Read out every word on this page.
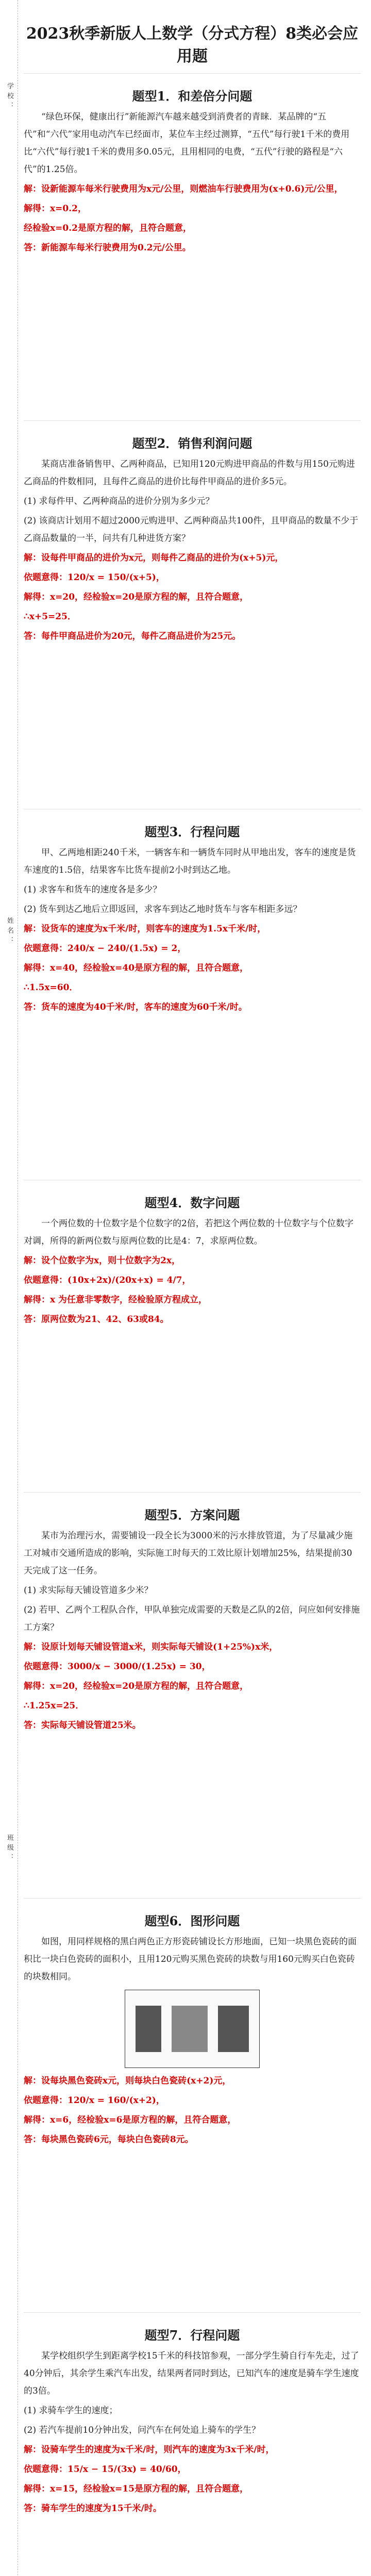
学校：
姓名：
班级：
2023秋季新版人上数学（分式方程）8类必会应用题
题型1．和差倍分问题

“绿色环保，健康出行”新能源汽车越来越受到消费者的青睐．某品牌的“五代”和“六代”家用电动汽车已经面市，某位车主经过测算，“五代”每行驶1千米的费用比“六代”每行驶1千米的费用多0.05元，且用相同的电费，“五代”行驶的路程是“六代”的1.25倍。

解：设新能源车每米行驶费用为x元/公里，则燃油车行驶费用为(x+0.6)元/公里，
解得：x=0.2，
经检验x=0.2是原方程的解，且符合题意，
答：新能源车每米行驶费用为0.2元/公里。
题型2．销售利润问题

某商店准备销售甲、乙两种商品，已知用120元购进甲商品的件数与用150元购进乙商品的件数相同，且每件乙商品的进价比每件甲商品的进价多5元。

(1) 求每件甲、乙两种商品的进价分别为多少元？

(2) 该商店计划用不超过2000元购进甲、乙两种商品共100件，且甲商品的数量不少于乙商品数量的一半，问共有几种进货方案？

解：设每件甲商品的进价为x元，则每件乙商品的进价为(x+5)元，
依题意得：120/x = 150/(x+5)，
解得：x=20，经检验x=20是原方程的解，且符合题意，
∴x+5=25．
答：每件甲商品进价为20元，每件乙商品进价为25元。
题型3．行程问题

甲、乙两地相距240千米，一辆客车和一辆货车同时从甲地出发，客车的速度是货车速度的1.5倍，结果客车比货车提前2小时到达乙地。

(1) 求客车和货车的速度各是多少？

(2) 货车到达乙地后立即返回，求客车到达乙地时货车与客车相距多远？

解：设货车的速度为x千米/时，则客车的速度为1.5x千米/时，
依题意得：240/x − 240/(1.5x) = 2，
解得：x=40，经检验x=40是原方程的解，且符合题意，
∴1.5x=60．
答：货车的速度为40千米/时，客车的速度为60千米/时。
题型4．数字问题

一个两位数的十位数字是个位数字的2倍，若把这个两位数的十位数字与个位数字对调，所得的新两位数与原两位数的比是4：7，求原两位数。

解：设个位数字为x，则十位数字为2x，
依题意得：(10x+2x)/(20x+x) = 4/7，
解得：x 为任意非零数字，经检验原方程成立，
答：原两位数为21、42、63或84。
题型5．方案问题

某市为治理污水，需要铺设一段全长为3000米的污水排放管道，为了尽量减少施工对城市交通所造成的影响，实际施工时每天的工效比原计划增加25%，结果提前30天完成了这一任务。

(1) 求实际每天铺设管道多少米？

(2) 若甲、乙两个工程队合作，甲队单独完成需要的天数是乙队的2倍，问应如何安排施工方案？

解：设原计划每天铺设管道x米，则实际每天铺设(1+25%)x米，
依题意得：3000/x − 3000/(1.25x) = 30，
解得：x=20，经检验x=20是原方程的解，且符合题意，
∴1.25x=25．
答：实际每天铺设管道25米。
题型6．图形问题

如图，用同样规格的黑白两色正方形瓷砖铺设长方形地面，已知一块黑色瓷砖的面积比一块白色瓷砖的面积小，且用120元购买黑色瓷砖的块数与用160元购买白色瓷砖的块数相同。

解：设每块黑色瓷砖x元，则每块白色瓷砖(x+2)元，
依题意得：120/x = 160/(x+2)，
解得：x=6，经检验x=6是原方程的解，且符合题意，
答：每块黑色瓷砖6元，每块白色瓷砖8元。
题型7．行程问题

某学校组织学生到距离学校15千米的科技馆参观，一部分学生骑自行车先走，过了40分钟后，其余学生乘汽车出发，结果两者同时到达，已知汽车的速度是骑车学生速度的3倍。

(1) 求骑车学生的速度；

(2) 若汽车提前10分钟出发，问汽车在何处追上骑车的学生？

解：设骑车学生的速度为x千米/时，则汽车的速度为3x千米/时，
依题意得：15/x − 15/(3x) = 40/60，
解得：x=15，经检验x=15是原方程的解，且符合题意，
答：骑车学生的速度为15千米/时。
